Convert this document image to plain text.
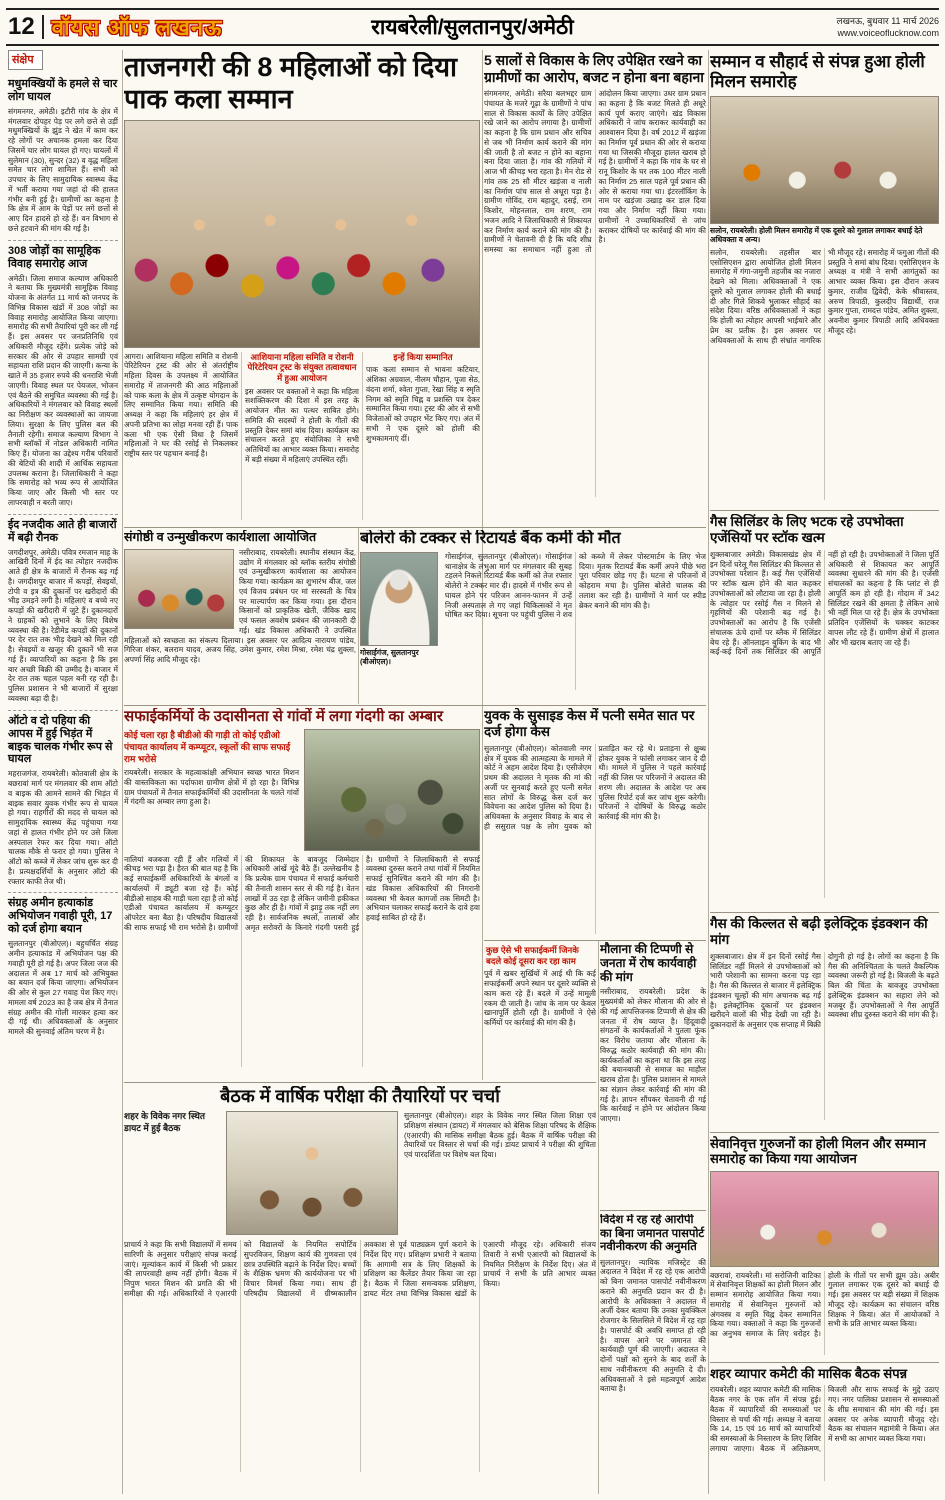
12 वॉयस ऑफ लखनऊ	रायबरेली/सुलतानपुर/अमेठी	लखनऊ, बुधवार 11 मार्च 2026
www.voiceoflucknow.com
संक्षेप
मधुमक्खियों के हमले से चार लोग घायल
संगमनगर, अमेठी। इटौरी गांव के क्षेत्र में मंगलवार दोपहर पेड़ पर लगे छत्ते से उड़ीं मधुमक्खियों के झुंड ने खेत में काम कर रहे लोगों पर अचानक हमला कर दिया जिसमें चार लोग घायल हो गए। घायलों में सुलेमान (30), सुन्दर (32) व वृद्ध महिला समेत चार लोग शामिल हैं। सभी को उपचार के लिए सामुदायिक स्वास्थ्य केंद्र में भर्ती कराया गया जहां दो की हालत गंभीर बनी हुई है। ग्रामीणों का कहना है कि क्षेत्र में आम के पेड़ों पर लगे छत्तों से आए दिन हादसे हो रहे हैं। वन विभाग से छत्ते हटवाने की मांग की गई है।
308 जोड़ों का सामूहिक विवाह समारोह आज
अमेठी। जिला समाज कल्याण अधिकारी ने बताया कि मुख्यमंत्री सामूहिक विवाह योजना के अंतर्गत 11 मार्च को जनपद के विभिन्न विकास खंडों में 308 जोड़ों का विवाह समारोह आयोजित किया जाएगा। समारोह की सभी तैयारियां पूरी कर ली गई हैं। इस अवसर पर जनप्रतिनिधि एवं अधिकारी मौजूद रहेंगे। प्रत्येक जोड़े को सरकार की ओर से उपहार सामग्री एवं सहायता राशि प्रदान की जाएगी। कन्या के खाते में 35 हजार रुपये की धनराशि भेजी जाएगी। विवाह स्थल पर पेयजल, भोजन एवं बैठने की समुचित व्यवस्था की गई है। अधिकारियों ने मंगलवार को विवाह स्थलों का निरीक्षण कर व्यवस्थाओं का जायजा लिया। सुरक्षा के लिए पुलिस बल की तैनाती रहेगी। समाज कल्याण विभाग ने सभी ब्लॉकों में नोडल अधिकारी नामित किए हैं। योजना का उद्देश्य गरीब परिवारों की बेटियों की शादी में आर्थिक सहायता उपलब्ध कराना है। जिलाधिकारी ने कहा कि समारोह को भव्य रूप से आयोजित किया जाए और किसी भी स्तर पर लापरवाही न बरती जाए।
ईद नजदीक आते ही बाजारों में बढ़ी रौनक
जगदीशपुर, अमेठी। पवित्र रमजान माह के आखिरी दिनों में ईद का त्योहार नजदीक आते ही क्षेत्र के बाजारों में रौनक बढ़ गई है। जगदीशपुर बाजार में कपड़ों, सेवइयों, टोपी व इत्र की दुकानों पर खरीदारों की भीड़ उमड़ने लगी है। महिलाएं व बच्चे नए कपड़ों की खरीदारी में जुटे हैं। दुकानदारों ने ग्राहकों को लुभाने के लिए विशेष व्यवस्था की है। रेडीमेड कपड़ों की दुकानों पर देर रात तक भीड़ देखने को मिल रही है। सेवइयों व खजूर की दुकानें भी सज गई हैं। व्यापारियों का कहना है कि इस बार अच्छी बिक्री की उम्मीद है। बाजार में देर रात तक चहल पहल बनी रह रही है। पुलिस प्रशासन ने भी बाजारों में सुरक्षा व्यवस्था बढ़ा दी है।
ऑटो व दो पहिया की आपस में हुई भिड़ंत में बाइक चालक गंभीर रूप से घायल
महराजगंज, रायबरेली। कोतवाली क्षेत्र के बछरावां मार्ग पर मंगलवार की शाम ऑटो व बाइक की आमने सामने की भिड़ंत में बाइक सवार युवक गंभीर रूप से घायल हो गया। राहगीरों की मदद से घायल को सामुदायिक स्वास्थ्य केंद्र पहुंचाया गया जहां से हालत गंभीर होने पर उसे जिला अस्पताल रेफर कर दिया गया। ऑटो चालक मौके से फरार हो गया। पुलिस ने ऑटो को कब्जे में लेकर जांच शुरू कर दी है। प्रत्यक्षदर्शियों के अनुसार ऑटो की रफ्तार काफी तेज थी।
संग्रह अमीन हत्याकांड अभियोजन गवाही पूरी, 17 को दर्ज होगा बयान
सुलतानपुर (बीओएल)। बहुचर्चित संग्रह अमीन हत्याकांड में अभियोजन पक्ष की गवाही पूरी हो गई है। अपर जिला जज की अदालत में अब 17 मार्च को अभियुक्त का बयान दर्ज किया जाएगा। अभियोजन की ओर से कुल 27 गवाह पेश किए गए। मामला वर्ष 2023 का है जब क्षेत्र में तैनात संग्रह अमीन की गोली मारकर हत्या कर दी गई थी। अधिवक्ताओं के अनुसार मामले की सुनवाई अंतिम चरण में है।
ताजनगरी की 8 महिलाओं को दिया पाक कला सम्मान
आगरा। आशियाना महिला समिति व रोशनी पेरिटेरियन ट्रस्ट की ओर से अंतर्राष्ट्रीय महिला दिवस के उपलक्ष्य में आयोजित समारोह में ताजनगरी की आठ महिलाओं को पाक कला के क्षेत्र में उत्कृष्ट योगदान के लिए सम्मानित किया गया। समिति की अध्यक्ष ने कहा कि महिलाएं हर क्षेत्र में अपनी प्रतिभा का लोहा मनवा रही हैं। पाक कला भी एक ऐसी विधा है जिसमें महिलाओं ने घर की रसोई से निकलकर राष्ट्रीय स्तर पर पहचान बनाई है।
आशियाना महिला समिति व रोशनी पेरिटेरियन ट्रस्ट के संयुक्त तत्वावधान में हुआ आयोजन
इस अवसर पर वक्ताओं ने कहा कि महिला सशक्तिकरण की दिशा में इस तरह के आयोजन मील का पत्थर साबित होंगे। समिति की सदस्यों ने होली के गीतों की प्रस्तुति देकर समां बांध दिया। कार्यक्रम का संचालन करते हुए संयोजिका ने सभी अतिथियों का आभार व्यक्त किया। समारोह में बड़ी संख्या में महिलाएं उपस्थित रहीं।
इन्हें किया सम्मानित
पाक कला सम्मान से भावना कटियार, अंशिका अग्रवाल, नीलम चौहान, पूजा सेठ, वंदना शर्मा, श्वेता गुप्ता, रेखा सिंह व स्मृति निगम को स्मृति चिह्न व प्रशस्ति पत्र देकर सम्मानित किया गया। ट्रस्ट की ओर से सभी विजेताओं को उपहार भेंट किए गए। अंत में सभी ने एक दूसरे को होली की शुभकामनाएं दीं।
5 सालों से विकास के लिए उपेक्षित रखने का ग्रामीणों का आरोप, बजट न होना बना बहाना
संगमनगर, अमेठी। सरैया बलभद्दर ग्राम पंचायत के मजरे गूढ़ा के ग्रामीणों ने पांच साल से विकास कार्यों के लिए उपेक्षित रखे जाने का आरोप लगाया है। ग्रामीणों का कहना है कि ग्राम प्रधान और सचिव से जब भी निर्माण कार्य कराने की मांग की जाती है तो बजट न होने का बहाना बना दिया जाता है। गांव की गलियों में आज भी कीचड़ भरा रहता है। मेन रोड से गांव तक 25 सौ मीटर खड़ंजा व नाली का निर्माण पांच साल से अधूरा पड़ा है। ग्रामीण गोविंद, राम बहादुर, दसई, राम किशोर, मोहनलाल, राम शरण, राम भजन आदि ने जिलाधिकारी से शिकायत कर निर्माण कार्य कराने की मांग की है। ग्रामीणों ने चेतावनी दी है कि यदि शीघ्र समस्या का समाधान नहीं हुआ तो आंदोलन किया जाएगा। उधर ग्राम प्रधान का कहना है कि बजट मिलते ही अधूरे कार्य पूर्ण कराए जाएंगे। खंड विकास अधिकारी ने जांच कराकर कार्यवाही का आश्वासन दिया है। वर्ष 2012 में खड़ंजा का निर्माण पूर्व प्रधान की ओर से कराया गया था जिसकी मौजूदा हालत खराब हो गई है। ग्रामीणों ने कहा कि गांव के घर से रानू किशोर के घर तक 100 मीटर नाली का निर्माण 25 साल पहले पूर्व प्रधान की ओर से कराया गया था। इंटरलॉकिंग के नाम पर खड़ंजा उखाड़ कर डाल दिया गया और निर्माण नहीं किया गया। ग्रामीणों ने उच्चाधिकारियों से जांच कराकर दोषियों पर कार्रवाई की मांग की है।
सम्मान व सौहार्द से संपन्न हुआ होली मिलन समारोह
सलोन, रायबरेली। होली मिलन समारोह में एक दूसरे को गुलाल लगाकर बधाई देते अधिवक्ता व अन्य।
सलोन, रायबरेली। तहसील बार एसोसिएशन द्वारा आयोजित होली मिलन समारोह में गंगा-जमुनी तहजीब का नजारा देखने को मिला। अधिवक्ताओं ने एक दूसरे को गुलाल लगाकर होली की बधाई दी और गिले शिकवे भुलाकर सौहार्द का संदेश दिया। वरिष्ठ अधिवक्ताओं ने कहा कि होली का त्योहार आपसी भाईचारे और प्रेम का प्रतीक है। इस अवसर पर अधिवक्ताओं के साथ ही संभ्रांत नागरिक भी मौजूद रहे। समारोह में फगुआ गीतों की प्रस्तुति ने समां बांध दिया। एसोसिएशन के अध्यक्ष व मंत्री ने सभी आगंतुकों का आभार व्यक्त किया। इस दौरान अजय कुमार, राजीव द्विवेदी, केके श्रीवास्तव, अरुण त्रिपाठी, कुलदीप विद्यार्थी, राज कुमार गुप्ता, रामदत्त पांडेय, अमित शुक्ला, अवनीश कुमार त्रिपाठी आदि अधिवक्ता मौजूद रहे।
संगोष्ठी व उन्मुखीकरण कार्यशाला आयोजित
नसीराबाद, रायबरेली। स्थानीय संस्थान केंद्र, उद्योग में मंगलवार को ब्लॉक स्तरीय संगोष्ठी एवं उन्मुखीकरण कार्यशाला का आयोजन किया गया। कार्यक्रम का शुभारंभ बीज, जल एवं विजय प्रबंधन पर मां सरस्वती के चित्र पर माल्यार्पण कर किया गया। इस दौरान किसानों को प्राकृतिक खेती, जैविक खाद एवं फसल अवशेष प्रबंधन की जानकारी दी गई। खंड विकास अधिकारी ने उपस्थित महिलाओं को स्वच्छता का संकल्प दिलाया। इस अवसर पर आदित्य नारायण पांडेय, गिरिजा शंकर, बलराम यादव, अजय सिंह, उमेश कुमार, रमेश मिश्रा, रमेश चंद्र शुक्ला, अपर्णा सिंह आदि मौजूद रहे।
बोलेरो की टक्कर से रिटायर्ड बैंक कर्मी की मौत
गोसाईगंज, सुलतानपुर (बीओएल)।
गोसाईगंज, सुलतानपुर (बीओएल)। गोसाईगंज थानाक्षेत्र के लंभुआ मार्ग पर मंगलवार की सुबह टहलने निकले रिटायर्ड बैंक कर्मी को तेज रफ्तार बोलेरो ने टक्कर मार दी। हादसे में गंभीर रूप से घायल होने पर परिजन आनन-फानन में उन्हें निजी अस्पताल ले गए जहां चिकित्सकों ने मृत घोषित कर दिया। सूचना पर पहुंची पुलिस ने शव को कब्जे में लेकर पोस्टमार्टम के लिए भेज दिया। मृतक रिटायर्ड बैंक कर्मी अपने पीछे भरा पूरा परिवार छोड़ गए हैं। घटना से परिजनों में कोहराम मचा है। पुलिस बोलेरो चालक की तलाश कर रही है। ग्रामीणों ने मार्ग पर स्पीड ब्रेकर बनाने की मांग की है।
युवक के सुसाइड केस में पत्नी समेत सात पर दर्ज होगा केस
सुलतानपुर (बीओएल)। कोतवाली नगर क्षेत्र में युवक की आत्महत्या के मामले में कोर्ट ने अहम आदेश दिया है। एसीजेएम प्रथम की अदालत ने मृतक की मां की अर्जी पर सुनवाई करते हुए पत्नी समेत सात लोगों के विरुद्ध केस दर्ज कर विवेचना का आदेश पुलिस को दिया है। अधिवक्ता के अनुसार विवाह के बाद से ही ससुराल पक्ष के लोग युवक को प्रताड़ित कर रहे थे। प्रताड़ना से क्षुब्ध होकर युवक ने फांसी लगाकर जान दे दी थी। मामले में पुलिस ने पहले कार्रवाई नहीं की जिस पर परिजनों ने अदालत की शरण ली। अदालत के आदेश पर अब पुलिस रिपोर्ट दर्ज कर जांच शुरू करेगी। परिजनों ने दोषियों के विरुद्ध कठोर कार्रवाई की मांग की है।
सफाईकर्मियों के उदासीनता से गांवों में लगा गंदगी का अम्बार
कोई चला रहा है बीडीओ की गाड़ी तो कोई एडीओ पंचायत कार्यालय में कम्प्यूटर, स्कूलों की साफ सफाई राम भरोसे
रायबरेली। सरकार के महत्वाकांक्षी अभियान स्वच्छ भारत मिशन की वास्तविकता का पर्दाफाश ग्रामीण क्षेत्रों में हो रहा है। विभिन्न ग्राम पंचायतों में तैनात सफाईकर्मियों की उदासीनता के चलते गांवों में गंदगी का अम्बार लगा हुआ है।
नालियां बजबजा रही हैं और गलियों में कीचड़ भरा पड़ा है। हैरत की बात यह है कि कई सफाईकर्मी अधिकारियों के बंगलों व कार्यालयों में ड्यूटी बजा रहे हैं। कोई बीडीओ साहब की गाड़ी चला रहा है तो कोई एडीओ पंचायत कार्यालय में कम्प्यूटर ऑपरेटर बना बैठा है। परिषदीय विद्यालयों की साफ सफाई भी राम भरोसे है। ग्रामीणों की शिकायत के बावजूद जिम्मेदार अधिकारी आंखें मूंदे बैठे हैं। उल्लेखनीय है कि प्रत्येक ग्राम पंचायत में सफाई कर्मचारी की तैनाती शासन स्तर से की गई है। वेतन लाखों में उठ रहा है लेकिन जमीनी हकीकत कुछ और ही है। गांवों में झाड़ू तक नहीं लग रही है। सार्वजनिक स्थलों, तालाबों और अमृत सरोवरों के किनारे गंदगी पसरी हुई है। ग्रामीणों ने जिलाधिकारी से सफाई व्यवस्था दुरुस्त कराने तथा गांवों में नियमित सफाई सुनिश्चित कराने की मांग की है। खंड विकास अधिकारियों की निगरानी व्यवस्था भी केवल कागजों तक सिमटी है। अभियान चलाकर सफाई कराने के दावे हवा हवाई साबित हो रहे हैं।
कुछ ऐसे भी सफाईकर्मी जिनके बदले कोई दूसरा कर रहा काम
पूर्व में खबर सुर्खियों में आई थी कि कई सफाईकर्मी अपने स्थान पर दूसरे व्यक्ति से काम करा रहे हैं। बदले में उन्हें मामूली रकम दी जाती है। जांच के नाम पर केवल खानापूर्ति होती रही है। ग्रामीणों ने ऐसे कर्मियों पर कार्रवाई की मांग की है।
मौलाना की टिप्पणी से जनता में रोष कार्यवाही की मांग
नसीराबाद, रायबरेली। प्रदेश के मुख्यमंत्री को लेकर मौलाना की ओर से की गई आपत्तिजनक टिप्पणी से क्षेत्र की जनता में रोष व्याप्त है। हिंदूवादी संगठनों के कार्यकर्ताओं ने पुतला फूंक कर विरोध जताया और मौलाना के विरुद्ध कठोर कार्यवाही की मांग की। कार्यकर्ताओं का कहना था कि इस तरह की बयानबाजी से समाज का माहौल खराब होता है। पुलिस प्रशासन से मामले का संज्ञान लेकर कार्रवाई की मांग की गई है। ज्ञापन सौंपकर चेतावनी दी गई कि कार्रवाई न होने पर आंदोलन किया जाएगा।
विदेश में रह रहे आरोपी का बिना जमानत पासपोर्ट नवीनीकरण की अनुमति
सुलतानपुर। न्यायिक मजिस्ट्रेट की अदालत ने विदेश में रह रहे एक आरोपी को बिना जमानत पासपोर्ट नवीनीकरण कराने की अनुमति प्रदान कर दी है। आरोपी के अधिवक्ता ने अदालत में अर्जी देकर बताया कि उनका मुवक्किल रोजगार के सिलसिले में विदेश में रह रहा है। पासपोर्ट की अवधि समाप्त हो रही है। वापस आने पर जमानत की कार्यवाही पूर्ण की जाएगी। अदालत ने दोनों पक्षों को सुनने के बाद शर्तों के साथ नवीनीकरण की अनुमति दे दी। अधिवक्ताओं ने इसे महत्वपूर्ण आदेश बताया है।
बैठक में वार्षिक परीक्षा की तैयारियों पर चर्चा
शहर के विवेक नगर स्थित डायट में हुई बैठक
सुलतानपुर (बीओएल)। शहर के विवेक नगर स्थित जिला शिक्षा एवं प्रशिक्षण संस्थान (डायट) में मंगलवार को बेसिक शिक्षा परिषद के शैक्षिक (एआरपी) की मासिक समीक्षा बैठक हुई। बैठक में वार्षिक परीक्षा की तैयारियों पर विस्तार से चर्चा की गई। डायट प्राचार्य ने परीक्षा की शुचिता एवं पारदर्शिता पर विशेष बल दिया।
प्राचार्य ने कहा कि सभी विद्यालयों में समय सारिणी के अनुसार परीक्षाएं संपन्न कराई जाएं। मूल्यांकन कार्य में किसी भी प्रकार की लापरवाही क्षम्य नहीं होगी। बैठक में निपुण भारत मिशन की प्रगति की भी समीक्षा की गई। अधिकारियों ने एआरपी को विद्यालयों के नियमित सपोर्टिव सुपरविजन, शिक्षण कार्य की गुणवत्ता एवं छात्र उपस्थिति बढ़ाने के निर्देश दिए। बच्चों के शैक्षिक भ्रमण की कार्ययोजना पर भी विचार विमर्श किया गया। साथ ही परिषदीय विद्यालयों में ग्रीष्मकालीन अवकाश से पूर्व पाठ्यक्रम पूर्ण कराने के निर्देश दिए गए। प्रशिक्षण प्रभारी ने बताया कि आगामी सत्र के लिए शिक्षकों के प्रशिक्षण का कैलेंडर तैयार किया जा रहा है। बैठक में जिला समन्वयक प्रशिक्षण, डायट मेंटर तथा विभिन्न विकास खंडों के एआरपी मौजूद रहे। अधिकारी संजय तिवारी ने सभी एआरपी को विद्यालयों के नियमित निरीक्षण के निर्देश दिए। अंत में प्राचार्य ने सभी के प्रति आभार व्यक्त किया।
गैस सिलिंडर के लिए भटक रहे उपभोक्ता एजेंसियों पर स्टॉक खत्म
शुक्लबाजार अमेठी। विकासखंड क्षेत्र में इन दिनों घरेलू गैस सिलिंडर की किल्लत से उपभोक्ता परेशान हैं। कई गैस एजेंसियों पर स्टॉक खत्म होने की बात कहकर उपभोक्ताओं को लौटाया जा रहा है। होली के त्योहार पर रसोई गैस न मिलने से गृहणियों की परेशानी बढ़ गई है। उपभोक्ताओं का आरोप है कि एजेंसी संचालक ऊंचे दामों पर ब्लैक में सिलिंडर बेच रहे हैं। ऑनलाइन बुकिंग के बाद भी कई-कई दिनों तक सिलिंडर की आपूर्ति नहीं हो रही है। उपभोक्ताओं ने जिला पूर्ति अधिकारी से शिकायत कर आपूर्ति व्यवस्था सुधारने की मांग की है। एजेंसी संचालकों का कहना है कि प्लांट से ही आपूर्ति कम हो रही है। गोदाम में 342 सिलिंडर रखने की क्षमता है लेकिन आधे भी नहीं मिल पा रहे हैं। क्षेत्र के उपभोक्ता प्रतिदिन एजेंसियों के चक्कर काटकर वापस लौट रहे हैं। ग्रामीण क्षेत्रों में हालात और भी खराब बताए जा रहे हैं।
गैस की किल्लत से बढ़ी इलेक्ट्रिक इंडक्शन की मांग
शुक्लबाजार। क्षेत्र में इन दिनों रसोई गैस सिलिंडर नहीं मिलने से उपभोक्ताओं को भारी परेशानी का सामना करना पड़ रहा है। गैस की किल्लत से बाजार में इलेक्ट्रिक इंडक्शन चूल्हों की मांग अचानक बढ़ गई है। इलेक्ट्रॉनिक दुकानों पर इंडक्शन खरीदने वालों की भीड़ देखी जा रही है। दुकानदारों के अनुसार एक सप्ताह में बिक्री दोगुनी हो गई है। लोगों का कहना है कि गैस की अनिश्चितता के चलते वैकल्पिक व्यवस्था जरूरी हो गई है। बिजली के बढ़ते बिल की चिंता के बावजूद उपभोक्ता इलेक्ट्रिक इंडक्शन का सहारा लेने को मजबूर हैं। उपभोक्ताओं ने गैस आपूर्ति व्यवस्था शीघ्र दुरुस्त कराने की मांग की है।
सेवानिवृत्त गुरुजनों का होली मिलन और सम्मान समारोह का किया गया आयोजन
बछरावां, रायबरेली। मां सरोजिनी वाटिका में सेवानिवृत्त शिक्षकों का होली मिलन और सम्मान समारोह आयोजित किया गया। समारोह में सेवानिवृत्त गुरुजनों को अंगवस्त्र व स्मृति चिह्न देकर सम्मानित किया गया। वक्ताओं ने कहा कि गुरुजनों का अनुभव समाज के लिए धरोहर है। होली के गीतों पर सभी झूम उठे। अबीर गुलाल लगाकर एक दूसरे को बधाई दी गई। इस अवसर पर बड़ी संख्या में शिक्षक मौजूद रहे। कार्यक्रम का संचालन वरिष्ठ शिक्षक ने किया। अंत में आयोजकों ने सभी के प्रति आभार व्यक्त किया।
शहर व्यापार कमेटी की मासिक बैठक संपन्न
रायबरेली। शहर व्यापार कमेटी की मासिक बैठक नगर के एक लॉन में संपन्न हुई। बैठक में व्यापारियों की समस्याओं पर विस्तार से चर्चा की गई। अध्यक्ष ने बताया कि 14, 15 एवं 16 मार्च को व्यापारियों की समस्याओं के निस्तारण के लिए शिविर लगाया जाएगा। बैठक में अतिक्रमण, बिजली और साफ सफाई के मुद्दे उठाए गए। नगर पालिका प्रशासन से समस्याओं के शीघ्र समाधान की मांग की गई। इस अवसर पर अनेक व्यापारी मौजूद रहे। बैठक का संचालन महामंत्री ने किया। अंत में सभी का आभार व्यक्त किया गया।
